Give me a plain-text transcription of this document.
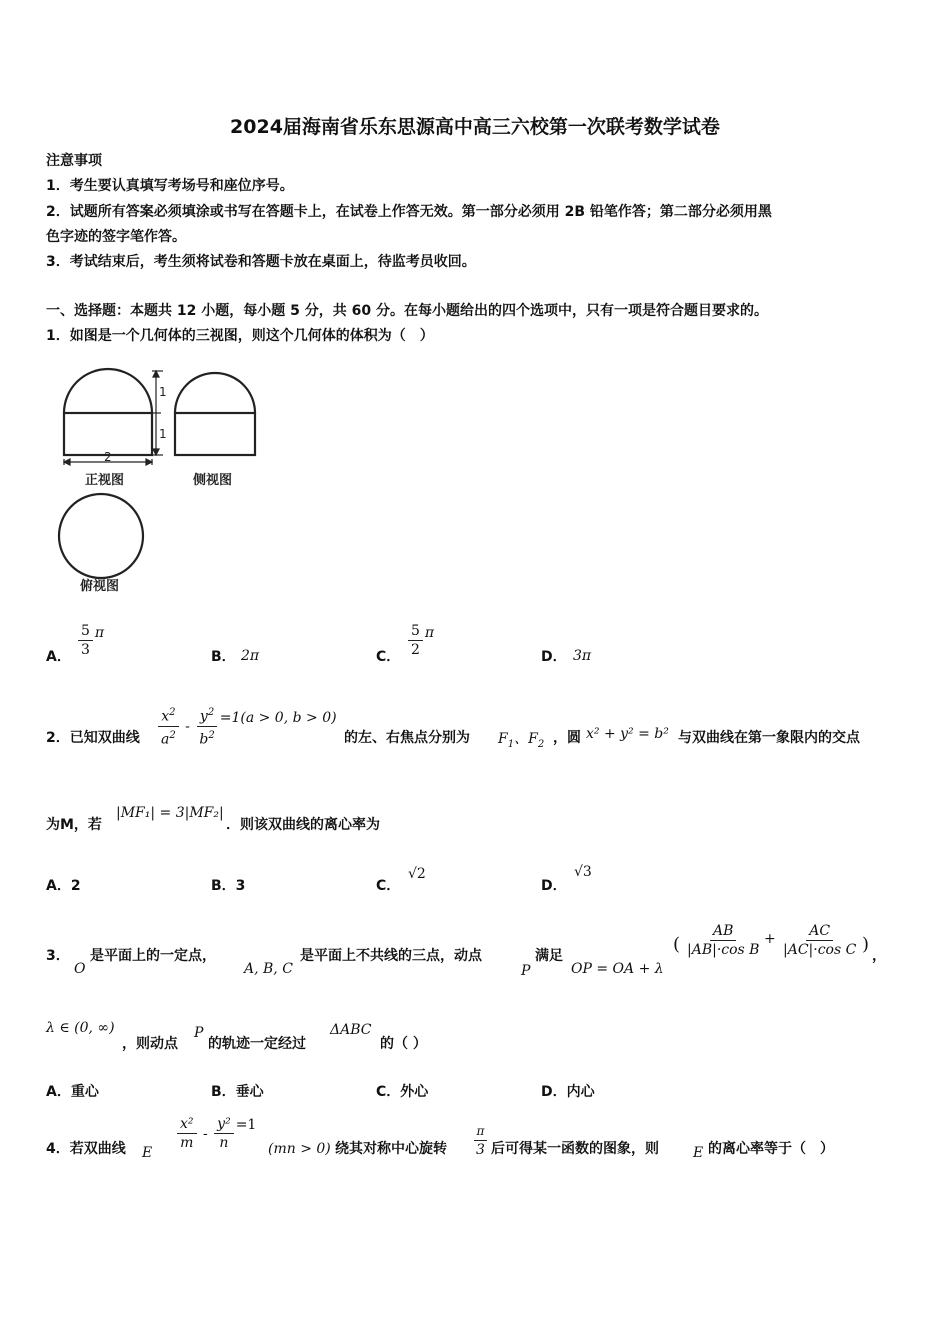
2024届海南省乐东思源高中高三六校第一次联考数学试卷
注意事项
1．考生要认真填写考场号和座位序号。
2．试题所有答案必须填涂或书写在答题卡上，在试卷上作答无效。第一部分必须用 2B 铅笔作答；第二部分必须用黑
色字迹的签字笔作答。
3．考试结束后，考生须将试卷和答题卡放在桌面上，待监考员收回。
一、选择题：本题共 12 小题，每小题 5 分，共 60 分。在每小题给出的四个选项中，只有一项是符合题目要求的。
1．如图是一个几何体的三视图，则这个几何体的体积为（　）
1
1
2
正视图	侧视图
俯视图
A． $\frac{5}{3}$ π
B． 2π	C． $\frac{5}{2}$ π
D． 3π
2．已知双曲线 $\frac{x^2}{a^2} - \frac{y^2}{b^2} =1(a > 0$, b > 0)
的左、右焦点分别为 $F_1$、$F_2$ ，圆 x² + y² = b² 与双曲线在第一象限内的交点
为M，若
|MF₁| = 3|MF₂|
．则该双曲线的离心率为
A．2	B．3	C．
√2
D．
√3
3．
O
是平面上的一定点，
A, B, C
是平面上不共线的三点，动点
P
满足
OP = OA + λ
( $\frac{AB}{\text{|AB|·cos B}} + \frac{AC}{\text{|AC|·cos C}}$ )
，
λ ∈ (0, ∞)
，则动点
P
的轨迹一定经过
ΔABC
的（ ）
A．重心	B．垂心	C．外心	D．内心
4．若双曲线 E
$\frac{\text{x²}}{m} - \frac{\text{y²}}{n} =1$
(mn > 0) 绕其对称中心旋转 $\frac{\pi}{3}$ 后可得某一函数的图象，则 E 的离心率等于（　）
